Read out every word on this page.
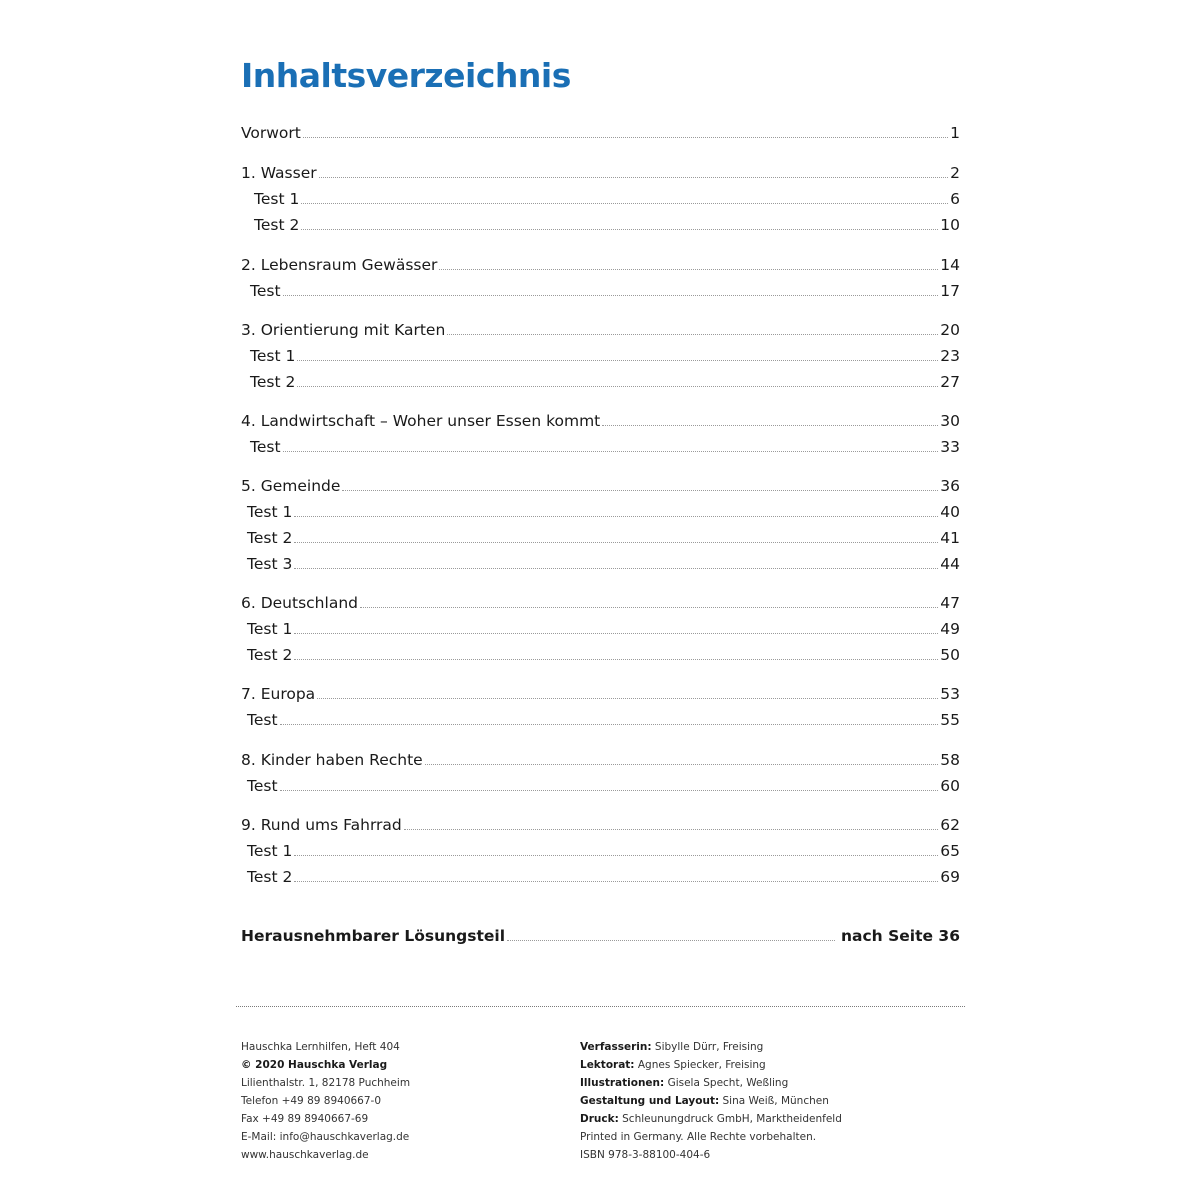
Inhaltsverzeichnis
Vorwort	1
1. Wasser	2
Test 1	6
Test 2	10
2. Lebensraum Gewässer	14
Test	17
3. Orientierung mit Karten	20
Test 1	23
Test 2	27
4. Landwirtschaft – Woher unser Essen kommt	30
Test	33
5. Gemeinde	36
Test 1	40
Test 2	41
Test 3	44
6. Deutschland	47
Test 1	49
Test 2	50
7. Europa	53
Test	55
8. Kinder haben Rechte	58
Test	60
9. Rund ums Fahrrad	62
Test 1	65
Test 2	69
Herausnehmbarer Lösungsteil	nach Seite 36
Hauschka Lernhilfen, Heft 404
© 2020 Hauschka Verlag
Lilienthalstr. 1, 82178 Puchheim
Telefon +49 89 8940667-0
Fax +49 89 8940667-69
E-Mail: info@hauschkaverlag.de
www.hauschkaverlag.de
Verfasserin: Sibylle Dürr, Freising
Lektorat: Agnes Spiecker, Freising
Illustrationen: Gisela Specht, Weßling
Gestaltung und Layout: Sina Weiß, München
Druck: Schleunungdruck GmbH, Marktheidenfeld
Printed in Germany. Alle Rechte vorbehalten.
ISBN 978-3-88100-404-6
